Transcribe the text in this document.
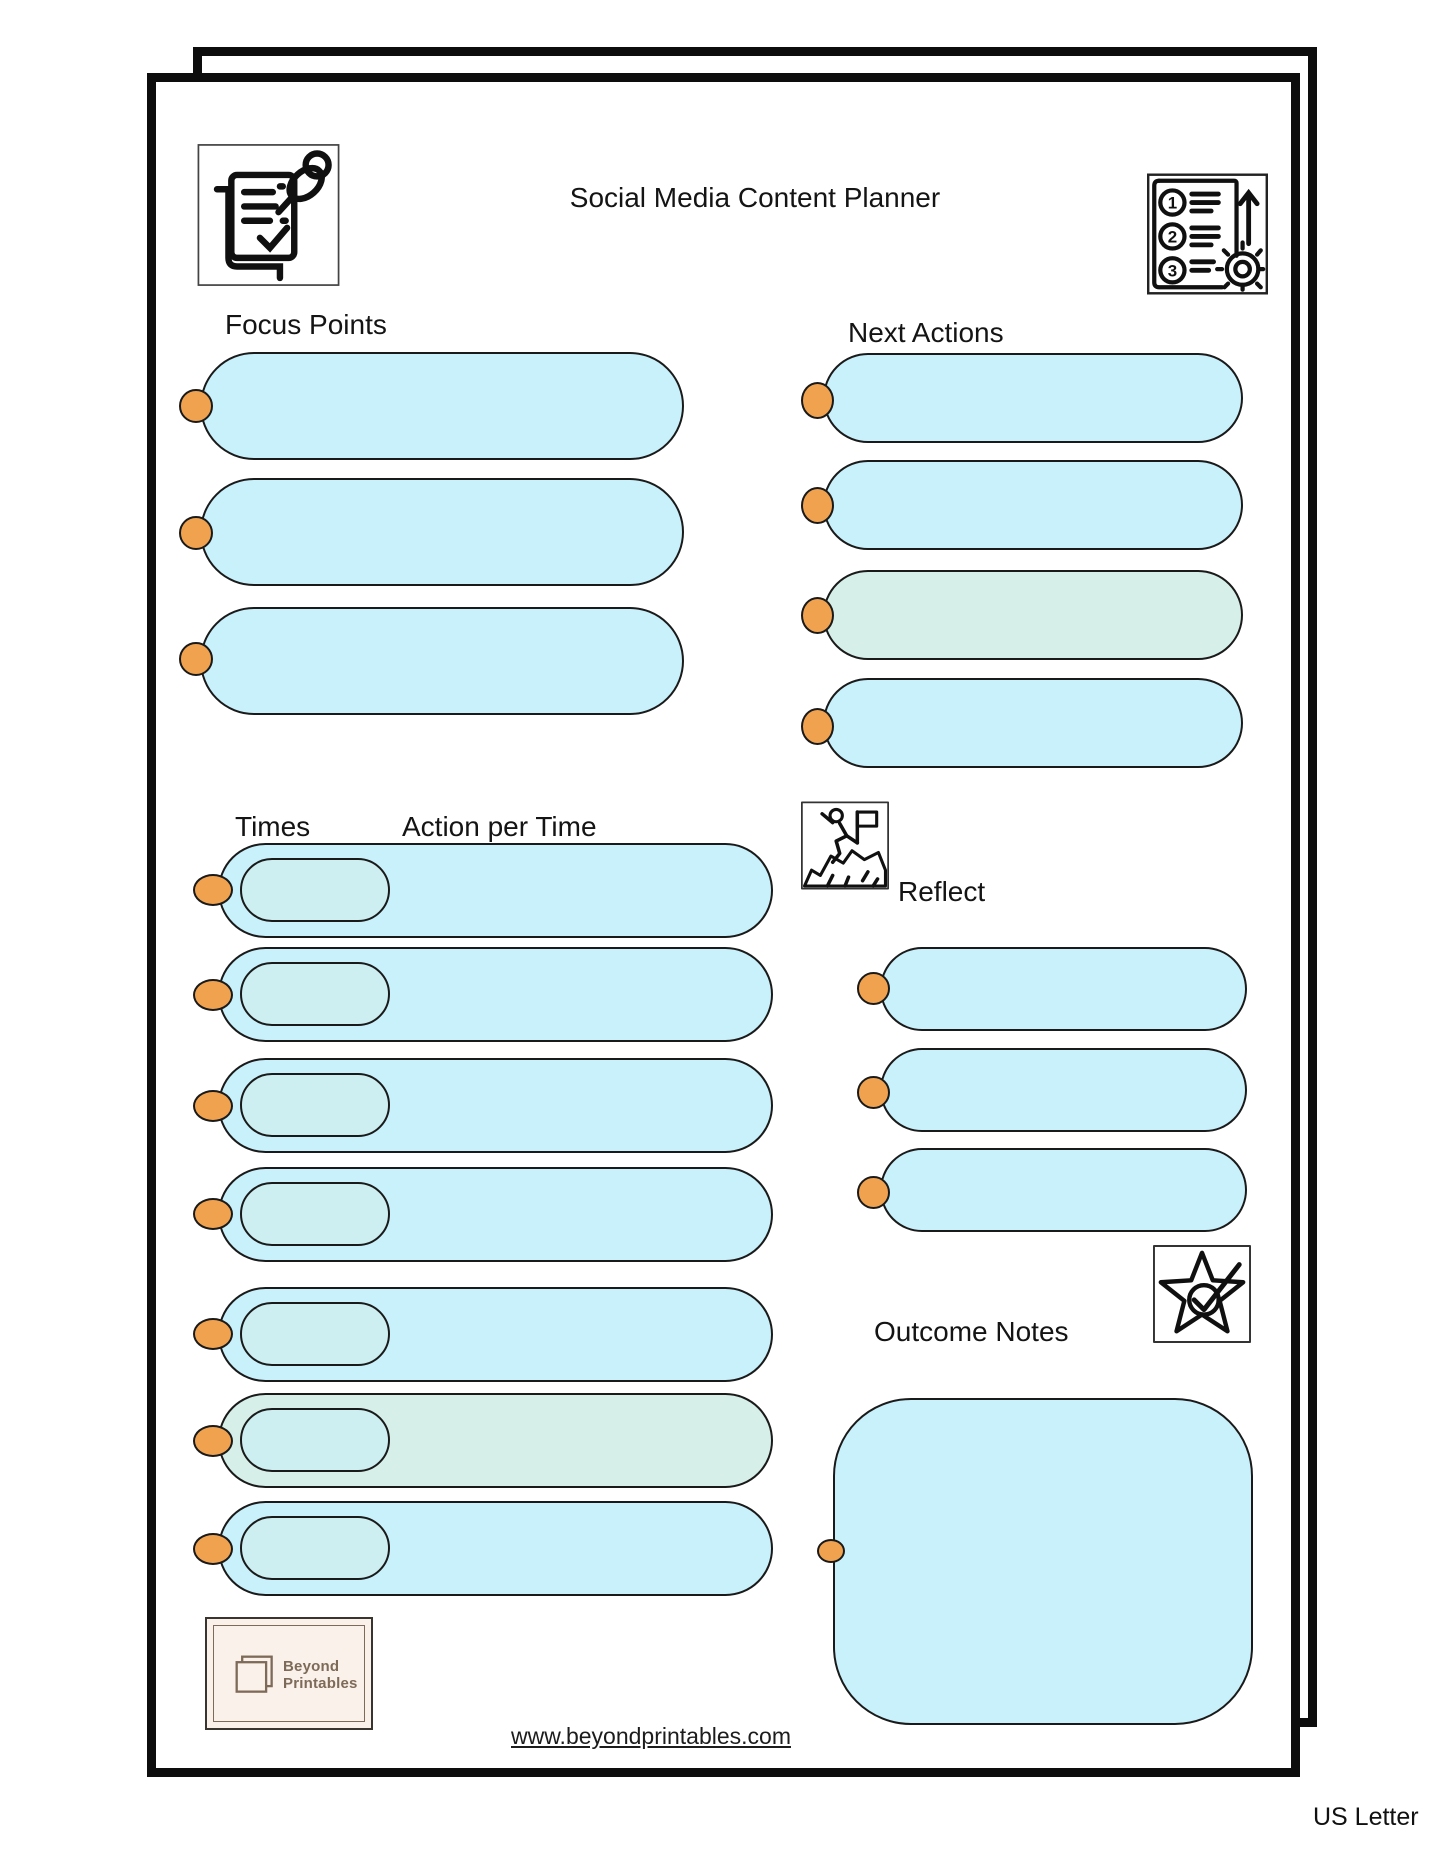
Social Media Content Planner	1
2
3
Focus Points	Next Actions
Times	Action per Time
Reflect
Outcome Notes
Beyond
Printables
www.beyondprintables.com
US Letter
